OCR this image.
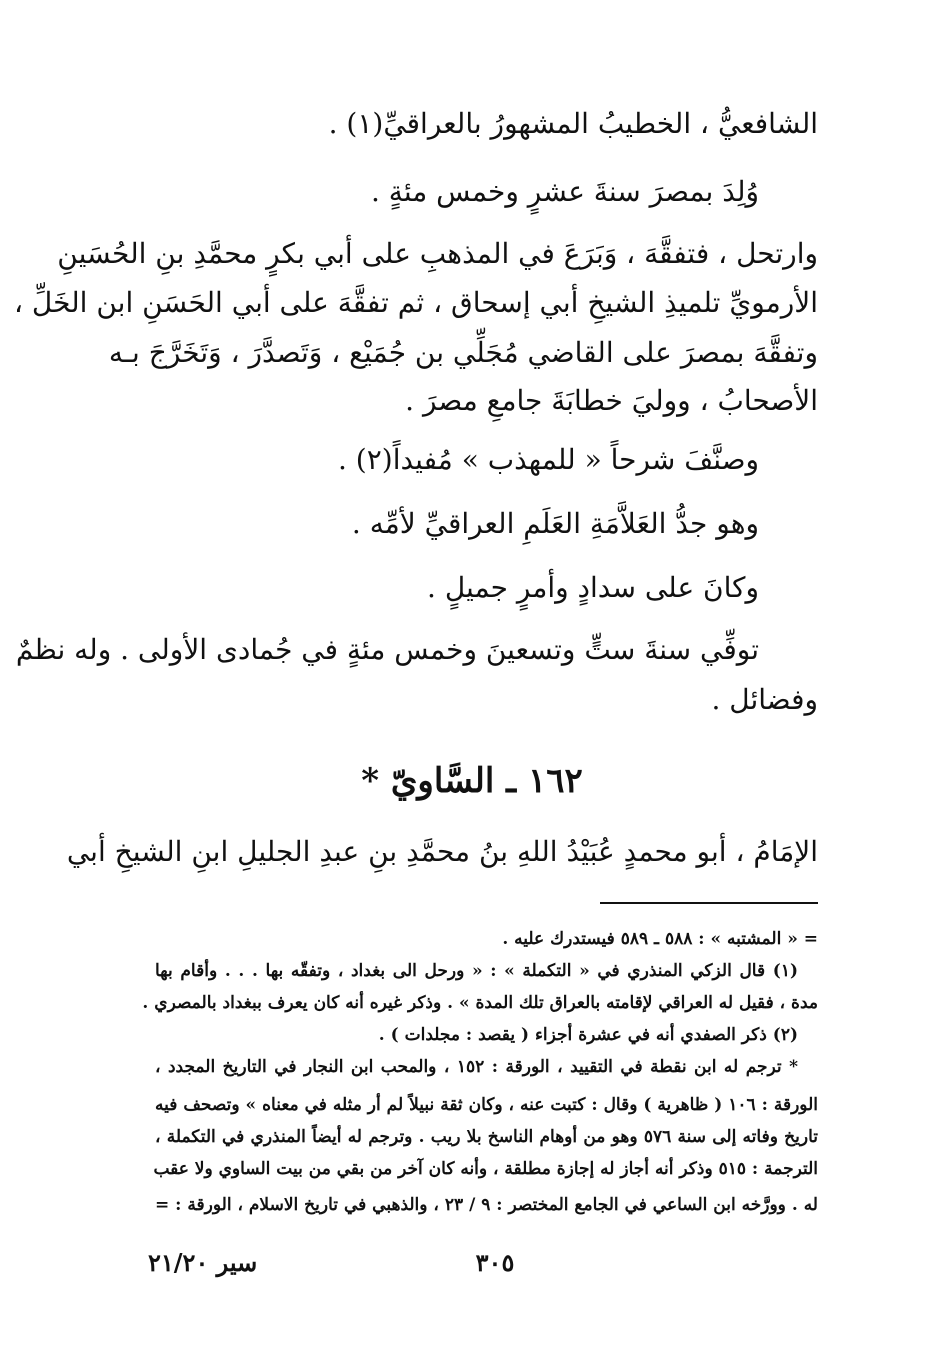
الشافعيُّ ، الخطيبُ المشهورُ بالعراقيِّ(١) .
وُلِدَ بمصرَ سنةَ عشرٍ وخمس مئةٍ .
وارتحل ، فتفقَّهَ ، وَبَرَعَ في المذهبِ على أبي بكرٍ محمَّدِ بنِ الحُسَينِ
الأرمويِّ تلميذِ الشيخِ أبي إسحاق ، ثم تفقَّهَ على أبي الحَسَنِ ابن الخَلِّ ،
وتفقَّهَ بمصرَ على القاضي مُجَلِّي بن جُمَيْع ، وَتَصدَّرَ ، وَتَخَرَّجَ بـه
الأصحابُ ، ووليَ خطابَةَ جامعِ مصرَ .
وصنَّفَ شرحاً « للمهذب » مُفيداً(٢) .
وهو جدُّ العَلاَّمَةِ العَلَمِ العراقيِّ لأمِّه .
وكانَ على سدادٍ وأمرٍ جميلٍ .
توفِّي سنةَ ستٍّ وتسعينَ وخمس مئةٍ في جُمادى الأولى . وله نظمٌ
وفضائل .
١٦٢ ـ السَّاويّ *
الإمَامُ ، أبو محمدٍ عُبَيْدُ اللهِ بنُ محمَّدِ بنِ عبدِ الجليلِ ابنِ الشيخِ أبي
= « المشتبه » : ٥٨٨ ـ ٥٨٩ فيستدرك عليه .
(١) قال الزكي المنذري في « التكملة » : « ورحل الى بغداد ، وتفقّه بها . . . وأقام بها
مدة ، فقيل له العراقي لإقامته بالعراق تلك المدة » . وذكر غيره أنه كان يعرف ببغداد بالمصري .
(٢) ذكر الصفدي أنه في عشرة أجزاء ( يقصد : مجلدات ) .
* ترجم له ابن نقطة في التقييد ، الورقة : ١٥٢ ، والمحب ابن النجار في التاريخ المجدد ،
الورقة : ١٠٦ ( ظاهرية ) وقال : كتبت عنه ، وكان ثقة نبيلاً لم أر مثله في معناه » وتصحف فيه
تاريخ وفاته إلى سنة ٥٧٦ وهو من أوهام الناسخ بلا ريب . وترجم له أيضاً المنذري في التكملة ،
الترجمة : ٥١٥ وذكر أنه أجاز له إجازة مطلقة ، وأنه كان آخر من بقي من بيت الساوي ولا عقب
له . وورَّخه ابن الساعي في الجامع المختصر : ٩ / ٢٣ ، والذهبي في تاريخ الاسلام ، الورقة : =
٣٠٥
سير ٢١/٢٠
